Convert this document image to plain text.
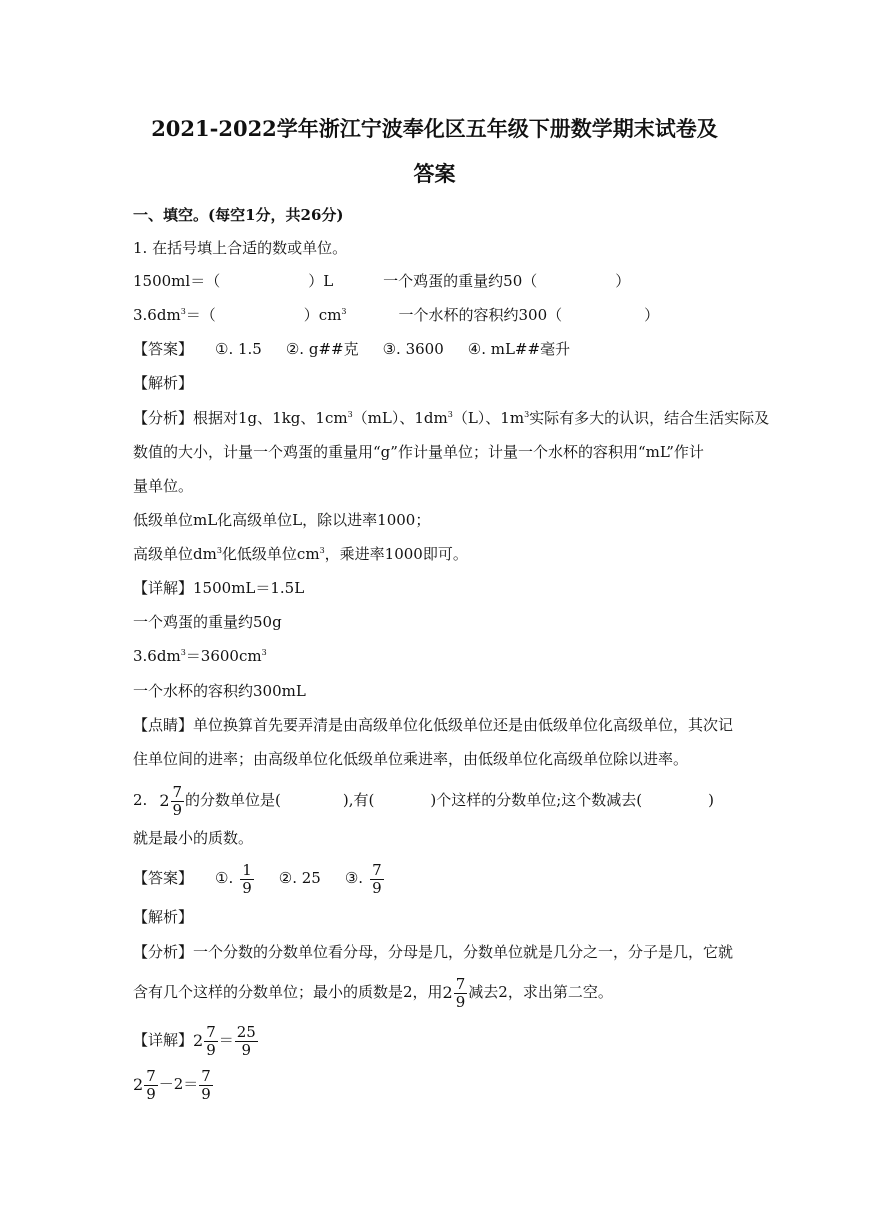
2021-2022学年浙江宁波奉化区五年级下册数学期末试卷及
答案
一、填空。(每空1分，共26分)
1. 在括号填上合适的数或单位。
1500ml＝（	）L	一个鸡蛋的重量约50（	）
$3.6dm^3=$（	）$cm^3$	一个水杯的容积约300（	）
【答案】 ①. 1.5 ②. g##克 ③. 3600 ④. mL##毫升
【解析】
【分析】根据对1g、1kg、$1cm^3(mL)$、$1dm^3(L)$、$1m^3$实际有多大的认识，结合生活实际及
数值的大小，计量一个鸡蛋的重量用“g”作计量单位；计量一个水杯的容积用“mL”作计
量单位。
低级单位mL化高级单位L，除以进率1000；
高级单位$dm^3$化低级单位$cm^3$，乘进率1000即可。
【详解】1500mL＝1.5L
一个鸡蛋的重量约50g
$3.6dm^3=3600cm^3$
一个水杯的容积约300mL
【点睛】单位换算首先要弄清是由高级单位化低级单位还是由低级单位化高级单位，其次记
住单位间的进率；由高级单位化低级单位乘进率，由低级单位化高级单位除以进率。
2. $2 \frac{7}{9}$ 的分数单位是(	),有(	)个这样的分数单位;这个数减去(	)
就是最小的质数。
【答案】 ①. $\frac{1}{9}$ ②. 25 ③. $\frac{7}{9}$
【解析】
【分析】一个分数的分数单位看分母，分母是几，分数单位就是几分之一，分子是几，它就
含有几个这样的分数单位；最小的质数是2，用$2 \frac{7}{9}$ 减去2，求出第二空。
【详解】$2 \frac{7}{9} = \frac{25}{9}$
$2 \frac{7}{9} -2= \frac{7}{9}$
